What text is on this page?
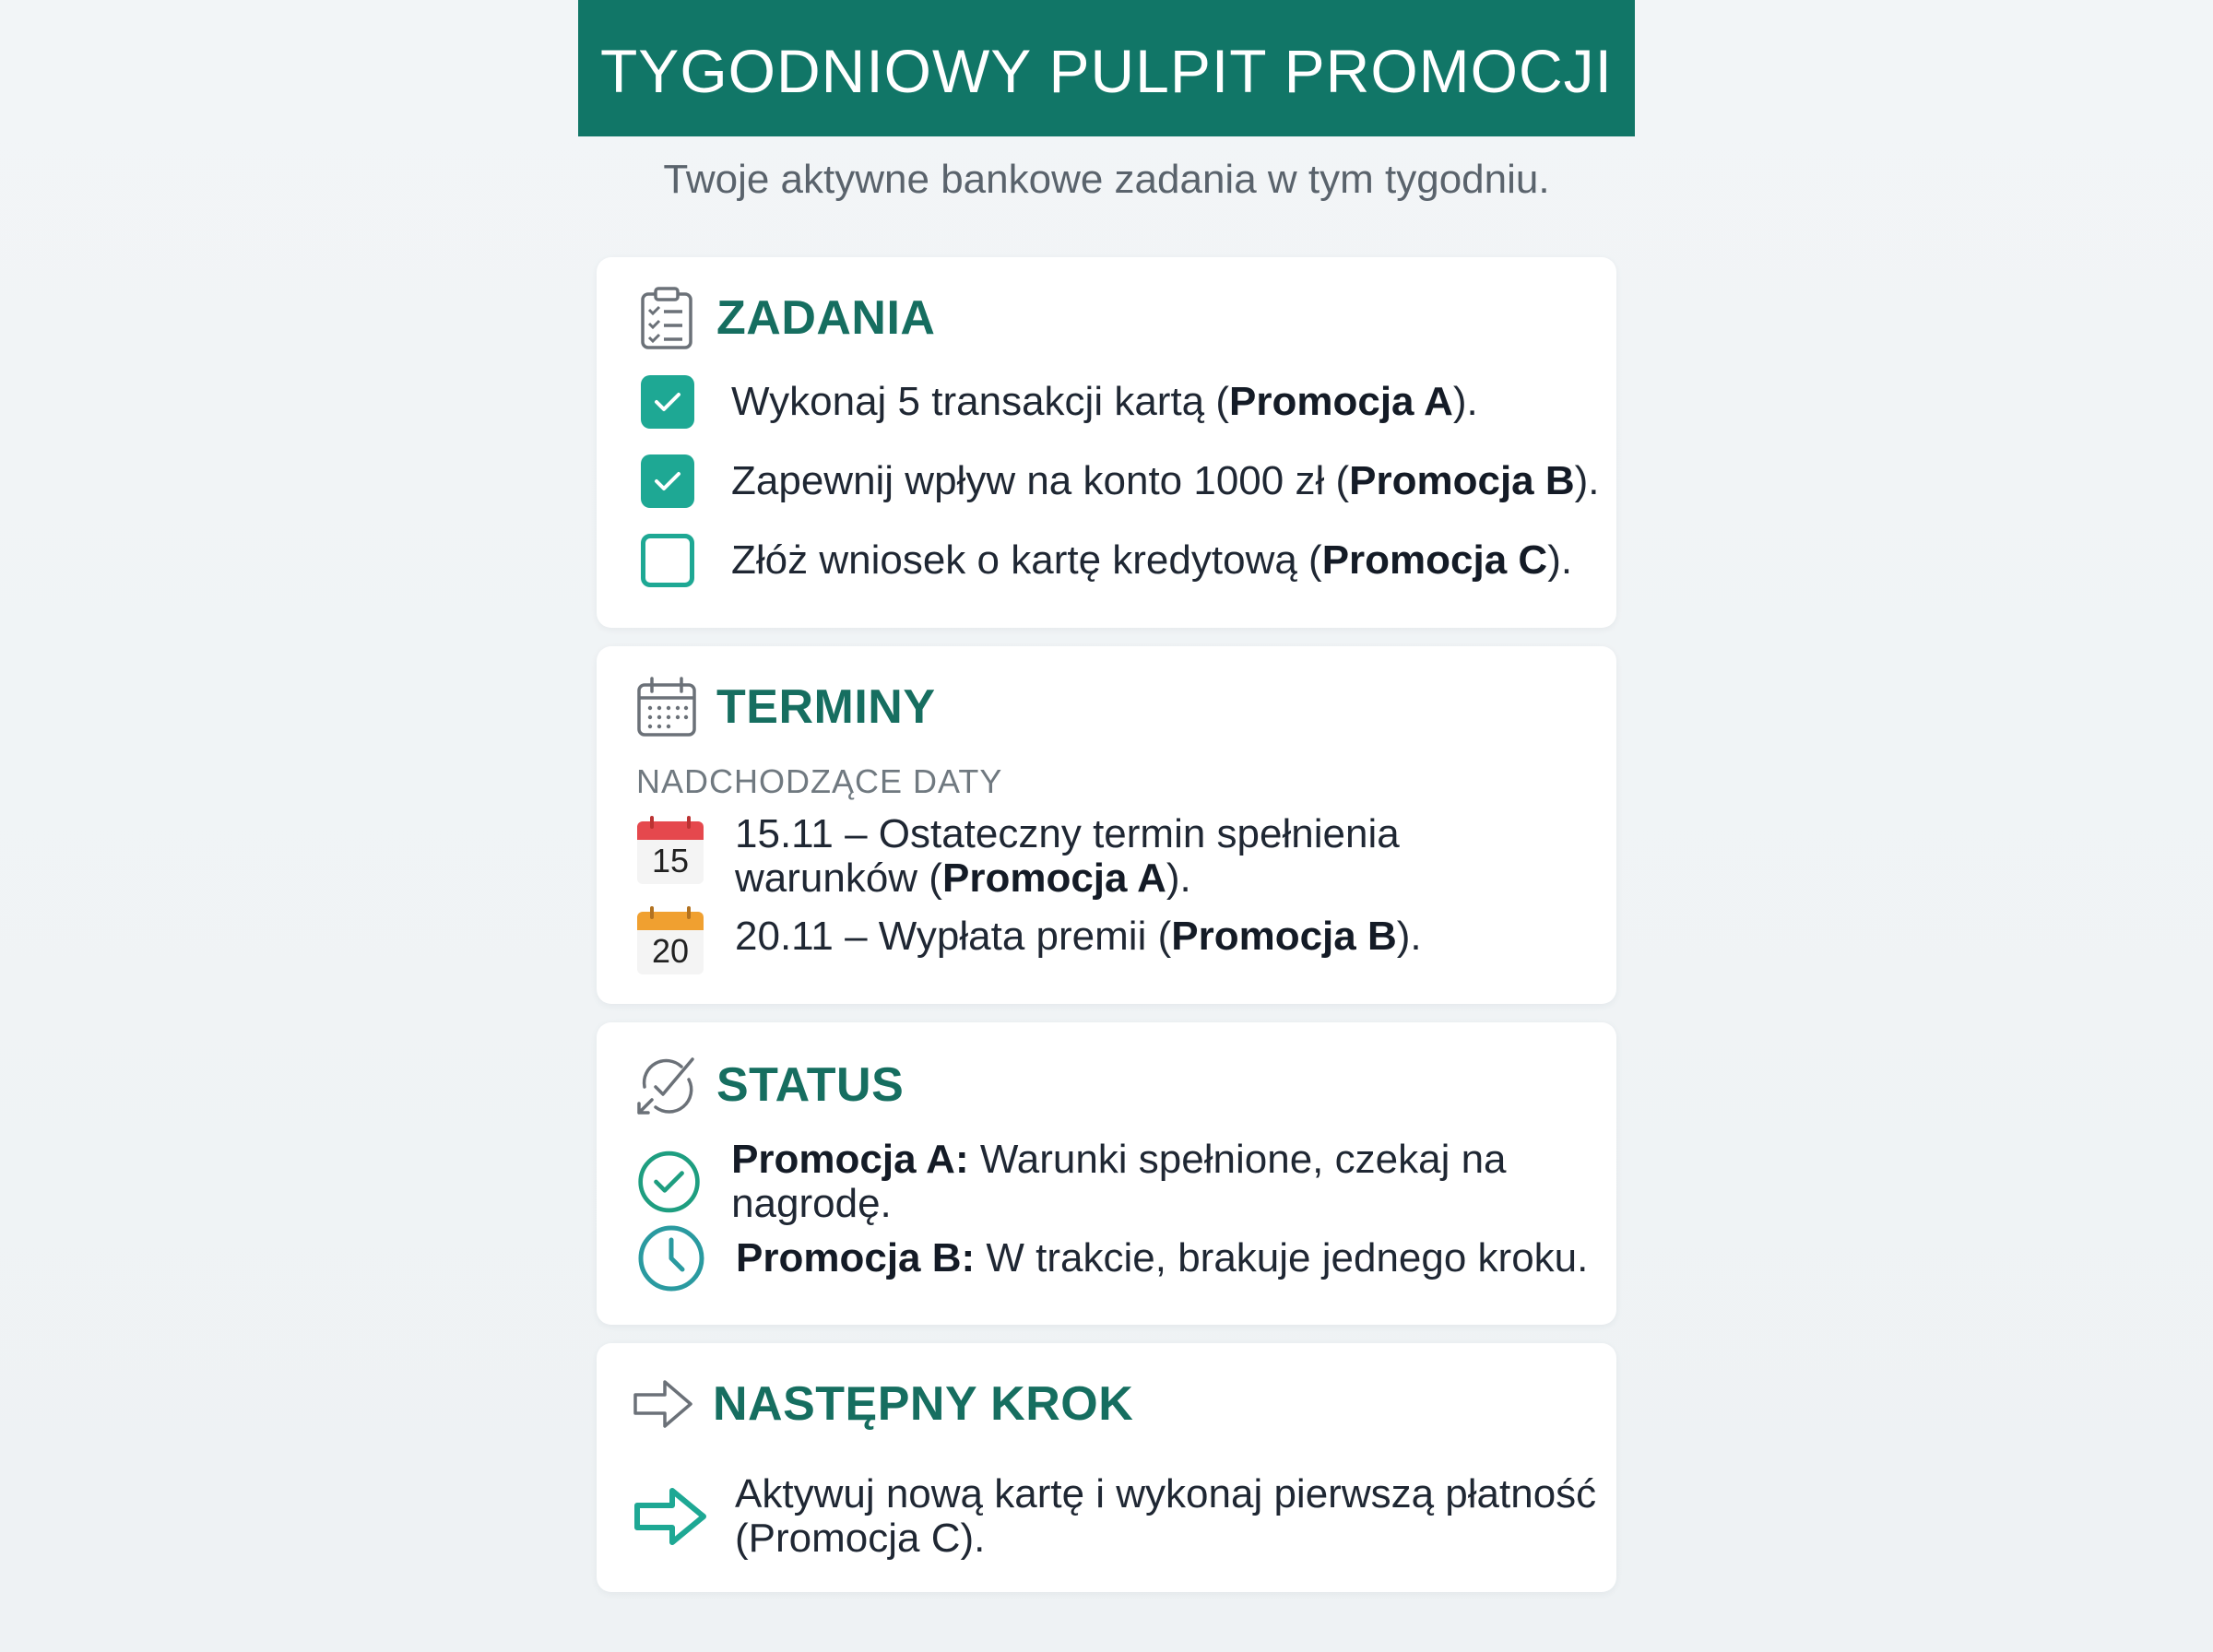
TYGODNIOWY PULPIT PROMOCJI
Twoje aktywne bankowe zadania w tym tygodniu.
ZADANIA
Wykonaj 5 transakcji kartą (Promocja A).
Zapewnij wpływ na konto 1000 zł (Promocja B).
Złóż wniosek o kartę kredytową (Promocja C).
TERMINY
NADCHODZĄCE DATY
15
15.11 – Ostateczny termin spełnienia
warunków (Promocja A).
20	20.11 – Wypłata premii (Promocja B).
STATUS
Promocja A: Warunki spełnione, czekaj na nagrodę.
Promocja B: W trakcie, brakuje jednego kroku.
NASTĘPNY KROK
Aktywuj nową kartę i wykonaj pierwszą płatność
(Promocja C).
